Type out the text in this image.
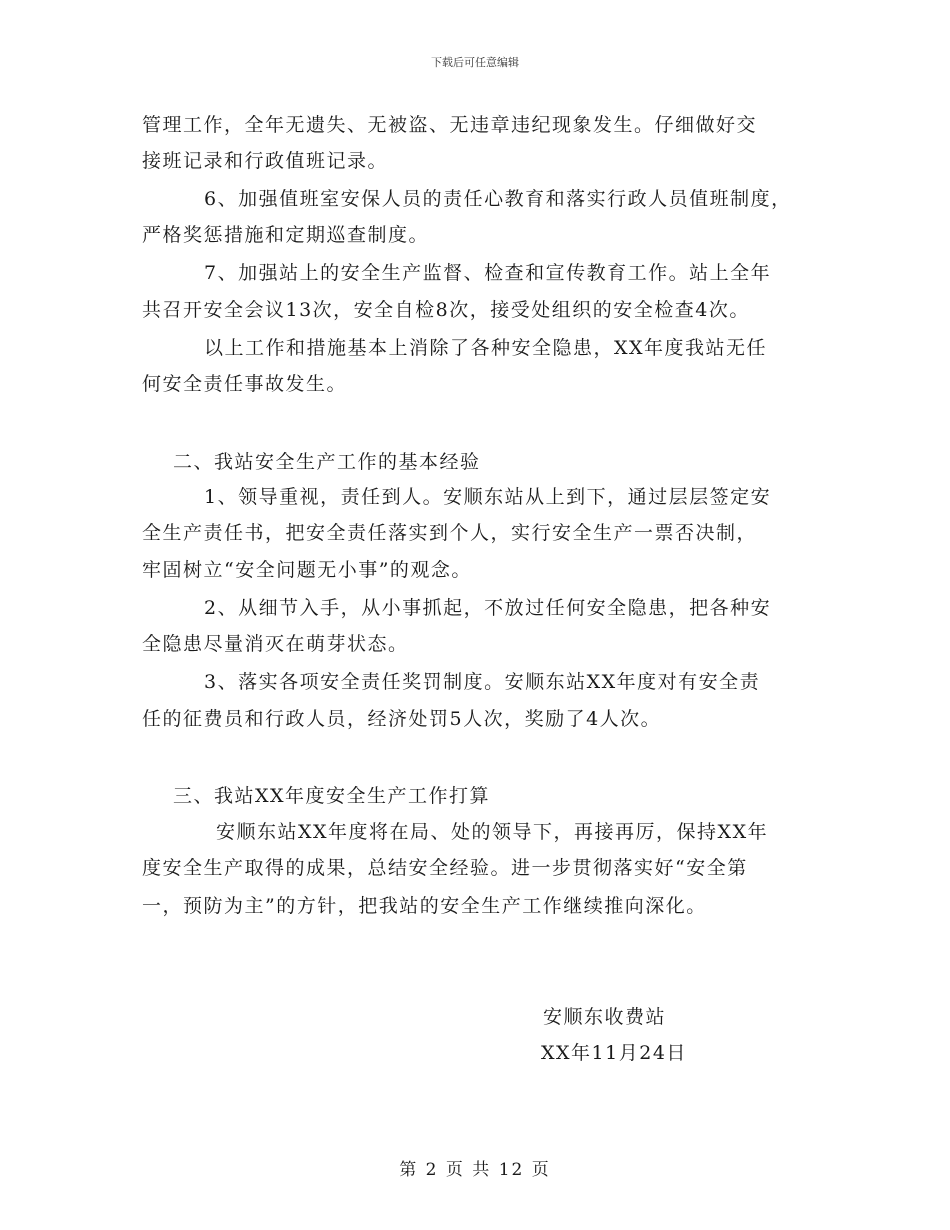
下载后可任意编辑
管理工作，全年无遗失、无被盗、无违章违纪现象发生。仔细做好交
接班记录和行政值班记录。
6、加强值班室安保人员的责任心教育和落实行政人员值班制度，
严格奖惩措施和定期巡查制度。
7、加强站上的安全生产监督、检查和宣传教育工作。站上全年
共召开安全会议13次，安全自检8次，接受处组织的安全检查4次。
以上工作和措施基本上消除了各种安全隐患，XX年度我站无任
何安全责任事故发生。
二、我站安全生产工作的基本经验
1、领导重视，责任到人。安顺东站从上到下，通过层层签定安
全生产责任书，把安全责任落实到个人，实行安全生产一票否决制，
牢固树立“安全问题无小事”的观念。
2、从细节入手，从小事抓起，不放过任何安全隐患，把各种安
全隐患尽量消灭在萌芽状态。
3、落实各项安全责任奖罚制度。安顺东站XX年度对有安全责
任的征费员和行政人员，经济处罚5人次，奖励了4人次。
三、我站XX年度安全生产工作打算
安顺东站XX年度将在局、处的领导下，再接再厉，保持XX年
度安全生产取得的成果，总结安全经验。进一步贯彻落实好“安全第
一，预防为主”的方针，把我站的安全生产工作继续推向深化。
安顺东收费站
XX年11月24日
第 2 页 共 12 页
